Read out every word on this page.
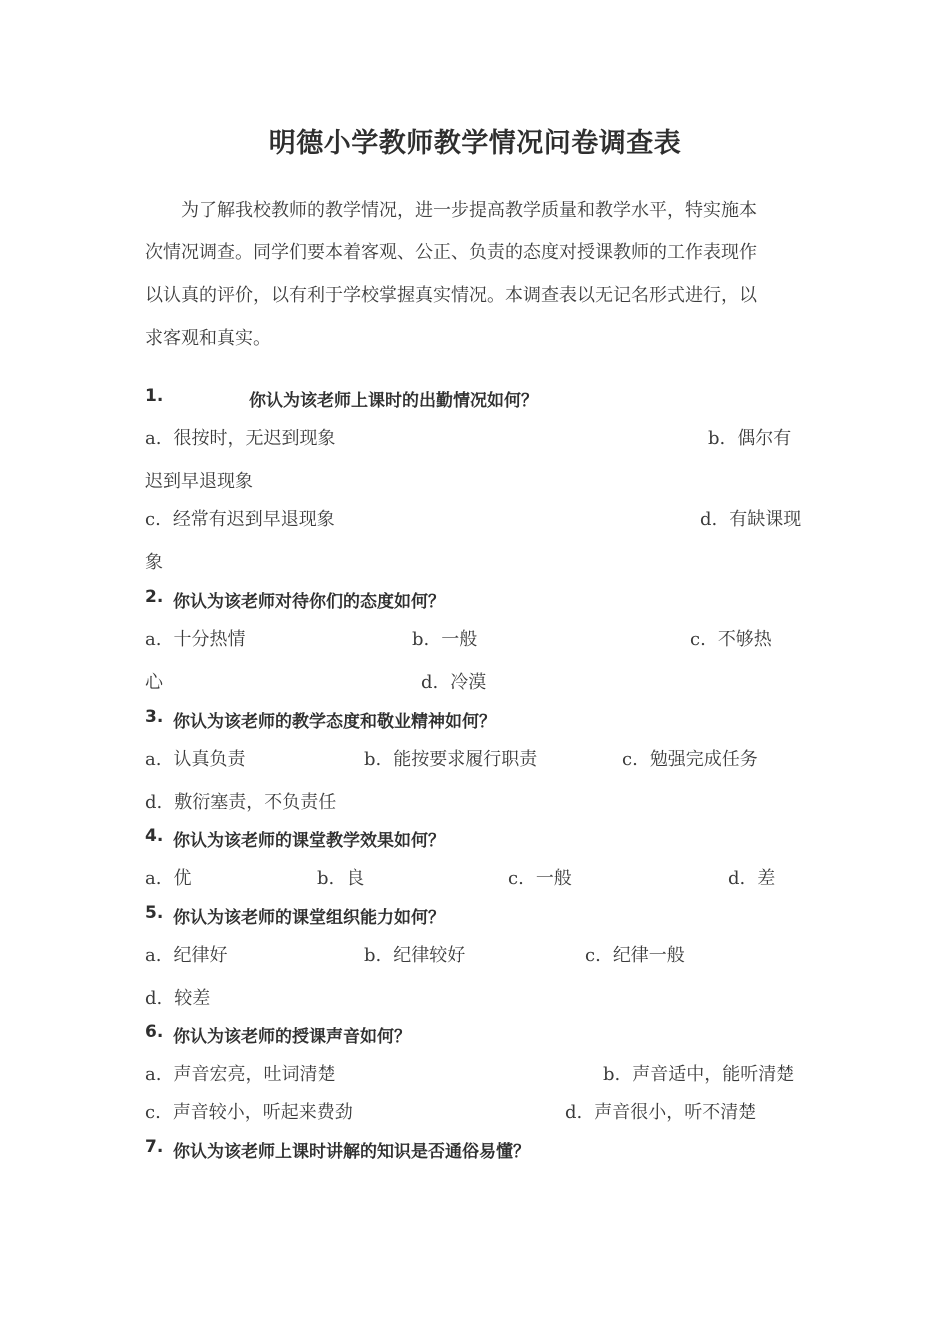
明德小学教师教学情况问卷调查表
为了解我校教师的教学情况，进一步提高教学质量和教学水平，特实施本
次情况调查。同学们要本着客观、公正、负责的态度对授课教师的工作表现作
以认真的评价，以有利于学校掌握真实情况。本调查表以无记名形式进行，以
求客观和真实。
1.	你认为该老师上课时的出勤情况如何？
a. 很按时，无迟到现象	b. 偶尔有
迟到早退现象
c. 经常有迟到早退现象	d. 有缺课现
象
2. 你认为该老师对待你们的态度如何？
a. 十分热情	b. 一般	c. 不够热
心	d. 冷漠
3. 你认为该老师的教学态度和敬业精神如何？
a. 认真负责	b. 能按要求履行职责	c. 勉强完成任务
d. 敷衍塞责，不负责任
4. 你认为该老师的课堂教学效果如何？
a. 优	b. 良	c. 一般	d. 差
5. 你认为该老师的课堂组织能力如何？
a. 纪律好	b. 纪律较好	c. 纪律一般
d. 较差
6. 你认为该老师的授课声音如何？
a. 声音宏亮，吐词清楚	b. 声音适中，能听清楚
c. 声音较小，听起来费劲	d. 声音很小，听不清楚
7. 你认为该老师上课时讲解的知识是否通俗易懂？
